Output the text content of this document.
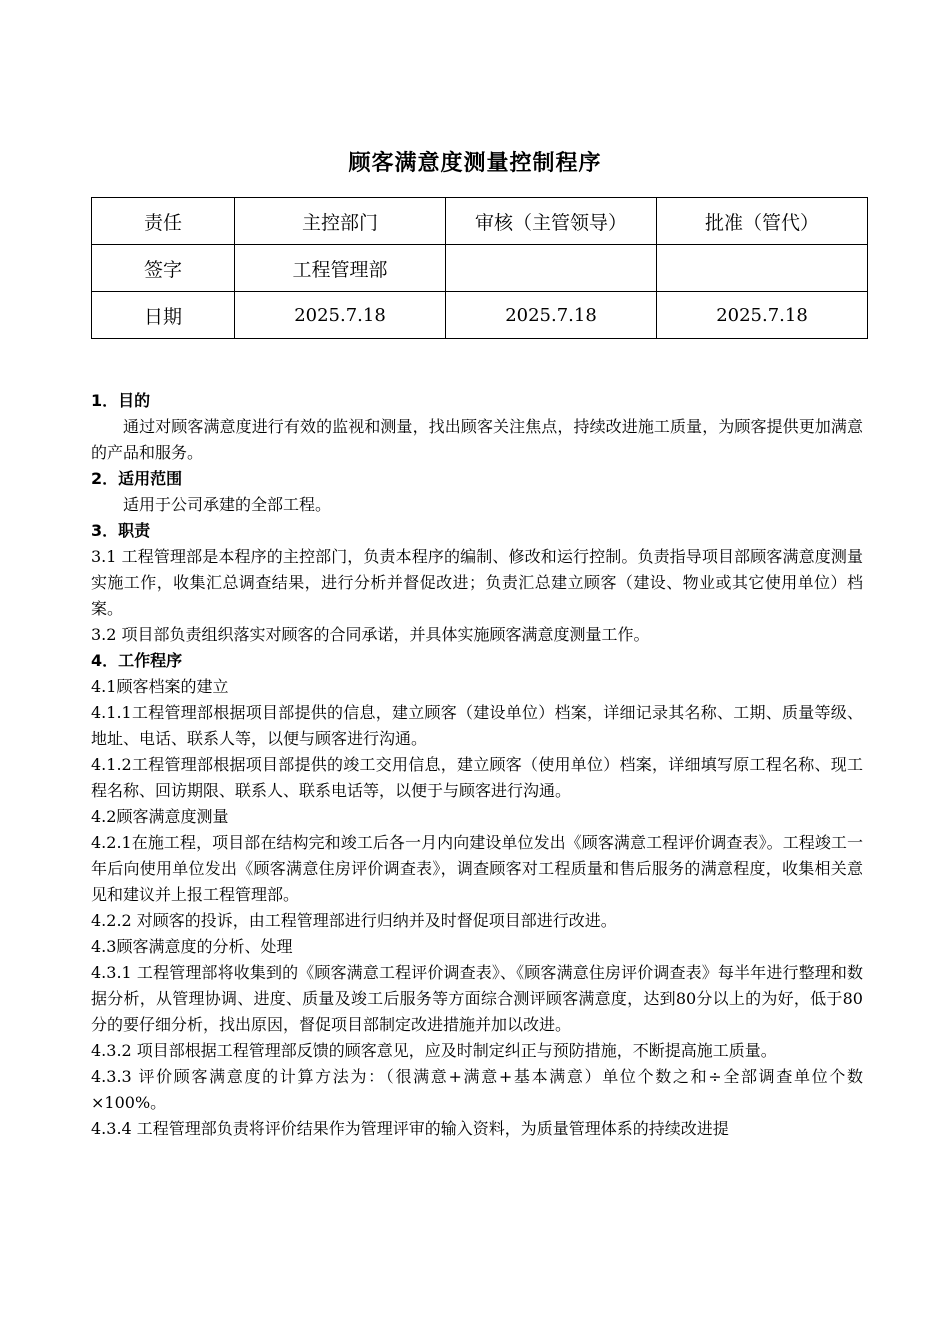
顾客满意度测量控制程序
责任	主控部门	审核（主管领导）	批准（管代）
签字	工程管理部		
日期	2025.7.18	2025.7.18	2025.7.18

1．目的

通过对顾客满意度进行有效的监视和测量，找出顾客关注焦点，持续改进施工质量，为顾客提供更加满意的产品和服务。

2．适用范围

适用于公司承建的全部工程。

3．职责

3.1 工程管理部是本程序的主控部门，负责本程序的编制、修改和运行控制。负责指导项目部顾客满意度测量实施工作，收集汇总调查结果，进行分析并督促改进；负责汇总建立顾客（建设、物业或其它使用单位）档案。

3.2 项目部负责组织落实对顾客的合同承诺，并具体实施顾客满意度测量工作。

4．工作程序

4.1顾客档案的建立

4.1.1工程管理部根据项目部提供的信息，建立顾客（建设单位）档案，详细记录其名称、工期、质量等级、地址、电话、联系人等，以便与顾客进行沟通。

4.1.2工程管理部根据项目部提供的竣工交用信息，建立顾客（使用单位）档案，详细填写原工程名称、现工程名称、回访期限、联系人、联系电话等，以便于与顾客进行沟通。

4.2顾客满意度测量

4.2.1在施工程，项目部在结构完和竣工后各一月内向建设单位发出《顾客满意工程评价调查表》。工程竣工一年后向使用单位发出《顾客满意住房评价调查表》，调查顾客对工程质量和售后服务的满意程度，收集相关意见和建议并上报工程管理部。

4.2.2 对顾客的投诉，由工程管理部进行归纳并及时督促项目部进行改进。

4.3顾客满意度的分析、处理

4.3.1 工程管理部将收集到的《顾客满意工程评价调查表》、《顾客满意住房评价调查表》每半年进行整理和数据分析，从管理协调、进度、质量及竣工后服务等方面综合测评顾客满意度，达到80分以上的为好，低于80分的要仔细分析，找出原因，督促项目部制定改进措施并加以改进。

4.3.2 项目部根据工程管理部反馈的顾客意见，应及时制定纠正与预防措施，不断提高施工质量。

4.3.3 评价顾客满意度的计算方法为：（很满意+满意+基本满意）单位个数之和÷全部调查单位个数×100%。

4.3.4 工程管理部负责将评价结果作为管理评审的输入资料，为质量管理体系的持续改进提
